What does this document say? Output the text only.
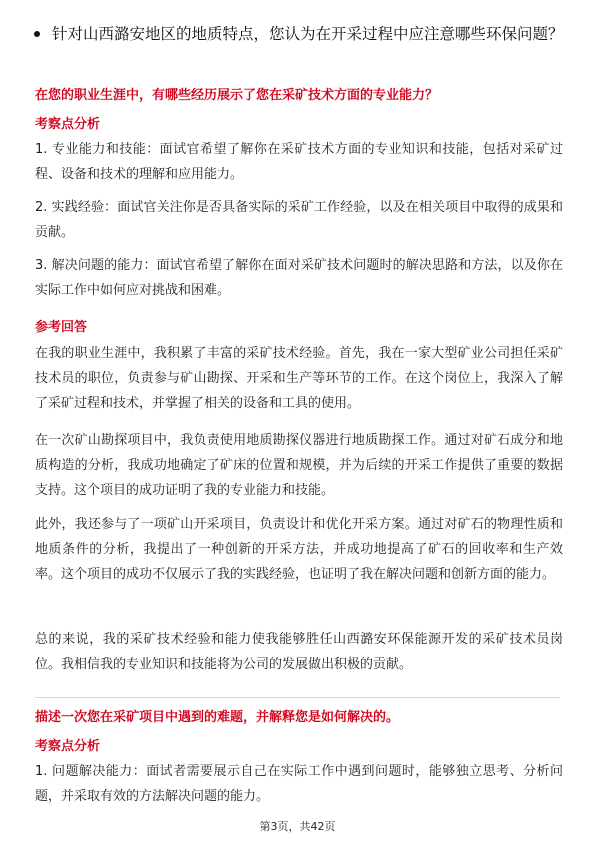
针对山西潞安地区的地质特点，您认为在开采过程中应注意哪些环保问题？
在您的职业生涯中，有哪些经历展示了您在采矿技术方面的专业能力？
考察点分析
1. 专业能力和技能：面试官希望了解你在采矿技术方面的专业知识和技能，包括对采矿过程、设备和技术的理解和应用能力。
2. 实践经验：面试官关注你是否具备实际的采矿工作经验，以及在相关项目中取得的成果和贡献。
3. 解决问题的能力：面试官希望了解你在面对采矿技术问题时的解决思路和方法，以及你在实际工作中如何应对挑战和困难。
参考回答
在我的职业生涯中，我积累了丰富的采矿技术经验。首先，我在一家大型矿业公司担任采矿技术员的职位，负责参与矿山勘探、开采和生产等环节的工作。在这个岗位上，我深入了解了采矿过程和技术，并掌握了相关的设备和工具的使用。
在一次矿山勘探项目中，我负责使用地质勘探仪器进行地质勘探工作。通过对矿石成分和地质构造的分析，我成功地确定了矿床的位置和规模，并为后续的开采工作提供了重要的数据支持。这个项目的成功证明了我的专业能力和技能。
此外，我还参与了一项矿山开采项目，负责设计和优化开采方案。通过对矿石的物理性质和地质条件的分析，我提出了一种创新的开采方法，并成功地提高了矿石的回收率和生产效率。这个项目的成功不仅展示了我的实践经验，也证明了我在解决问题和创新方面的能力。
总的来说，我的采矿技术经验和能力使我能够胜任山西潞安环保能源开发的采矿技术员岗位。我相信我的专业知识和技能将为公司的发展做出积极的贡献。
描述一次您在采矿项目中遇到的难题，并解释您是如何解决的。
考察点分析
1. 问题解决能力：面试者需要展示自己在实际工作中遇到问题时，能够独立思考、分析问题，并采取有效的方法解决问题的能力。
第3页，共42页
